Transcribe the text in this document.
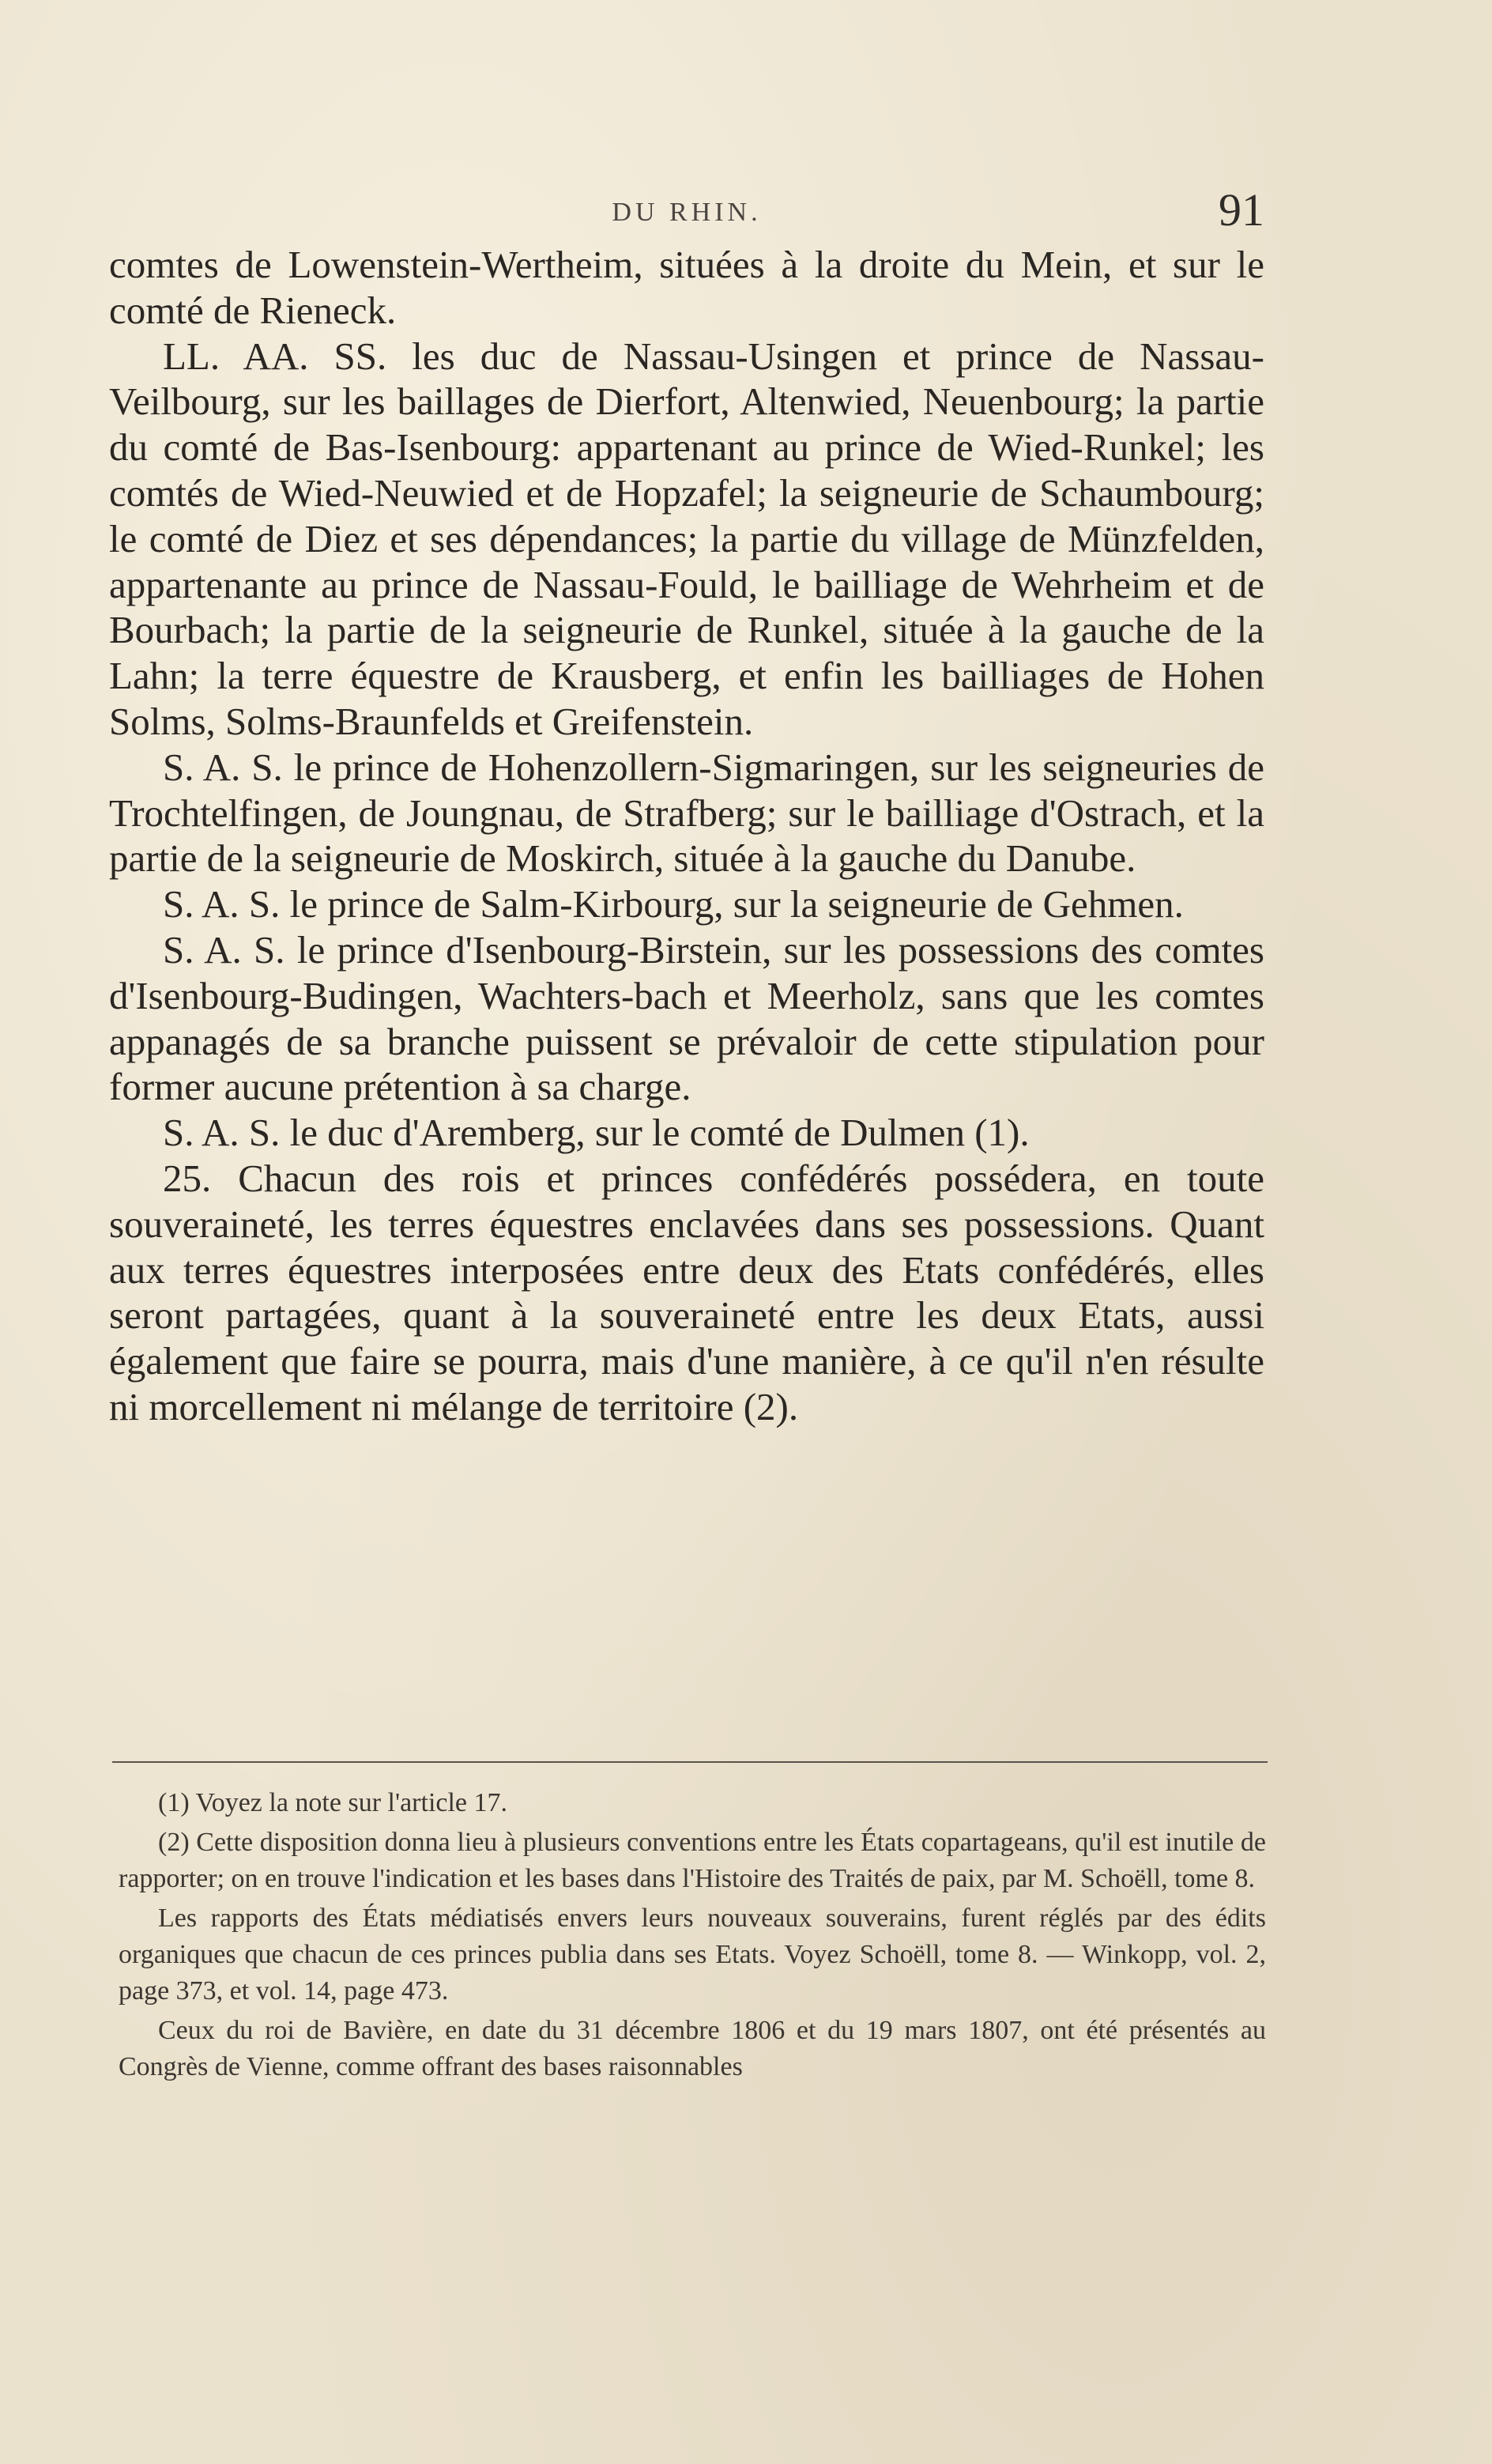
DU RHIN.	91

comtes de Lowenstein-Wertheim, situées à la droite du Mein, et sur le comté de Rieneck.

LL. AA. SS. les duc de Nassau-Usingen et prince de Nassau-Veilbourg, sur les baillages de Dierfort, Altenwied, Neuenbourg; la partie du comté de Bas-Isenbourg: appartenant au prince de Wied-Runkel; les comtés de Wied-Neuwied et de Hopzafel; la seigneurie de Schaumbourg; le comté de Diez et ses dépendances; la partie du village de Münzfelden, appartenante au prince de Nassau-Fould, le bailliage de Wehrheim et de Bourbach; la partie de la seigneurie de Runkel, située à la gauche de la Lahn; la terre équestre de Krausberg, et enfin les bailliages de Hohen Solms, Solms-Braunfelds et Greifenstein.

S. A. S. le prince de Hohenzollern-Sigmaringen, sur les seigneuries de Trochtelfingen, de Joungnau, de Strafberg; sur le bailliage d'Ostrach, et la partie de la seigneurie de Moskirch, située à la gauche du Danube.

S. A. S. le prince de Salm-Kirbourg, sur la seigneurie de Gehmen.

S. A. S. le prince d'Isenbourg-Birstein, sur les possessions des comtes d'Isenbourg-Budingen, Wachters-bach et Meerholz, sans que les comtes appanagés de sa branche puissent se prévaloir de cette stipulation pour former aucune prétention à sa charge.

S. A. S. le duc d'Aremberg, sur le comté de Dulmen (1).

25. Chacun des rois et princes confédérés possédera, en toute souveraineté, les terres équestres enclavées dans ses possessions. Quant aux terres équestres interposées entre deux des Etats confédérés, elles seront partagées, quant à la souveraineté entre les deux Etats, aussi également que faire se pourra, mais d'une manière, à ce qu'il n'en résulte ni morcellement ni mélange de territoire (2).

(1) Voyez la note sur l'article 17.

(2) Cette disposition donna lieu à plusieurs conventions entre les États copartageans, qu'il est inutile de rapporter; on en trouve l'indication et les bases dans l'Histoire des Traités de paix, par M. Schoëll, tome 8.

Les rapports des États médiatisés envers leurs nouveaux souverains, furent réglés par des édits organiques que chacun de ces princes publia dans ses Etats. Voyez Schoëll, tome 8. — Winkopp, vol. 2, page 373, et vol. 14, page 473.

Ceux du roi de Bavière, en date du 31 décembre 1806 et du 19 mars 1807, ont été présentés au Congrès de Vienne, comme offrant des bases raisonnables
